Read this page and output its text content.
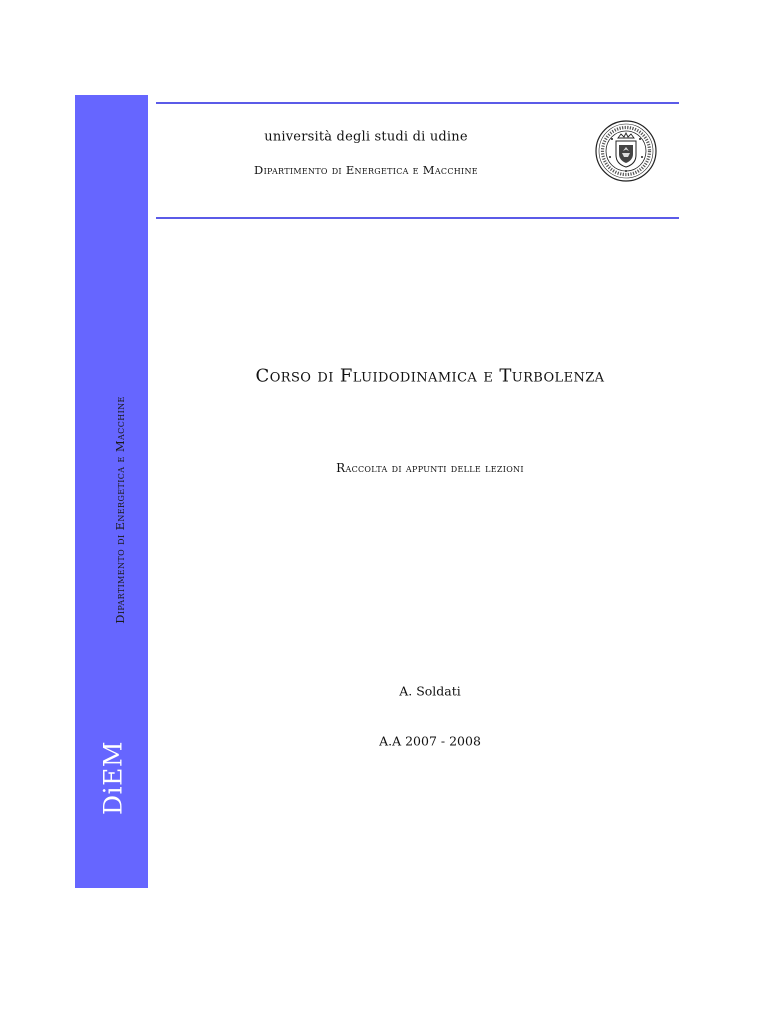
Dipartimento di Energetica e Macchine
DiEM
università degli studi di udine
Dipartimento di Energetica e Macchine
Corso di Fluidodinamica e Turbolenza
Raccolta di appunti delle lezioni
A. Soldati
A.A 2007 - 2008
